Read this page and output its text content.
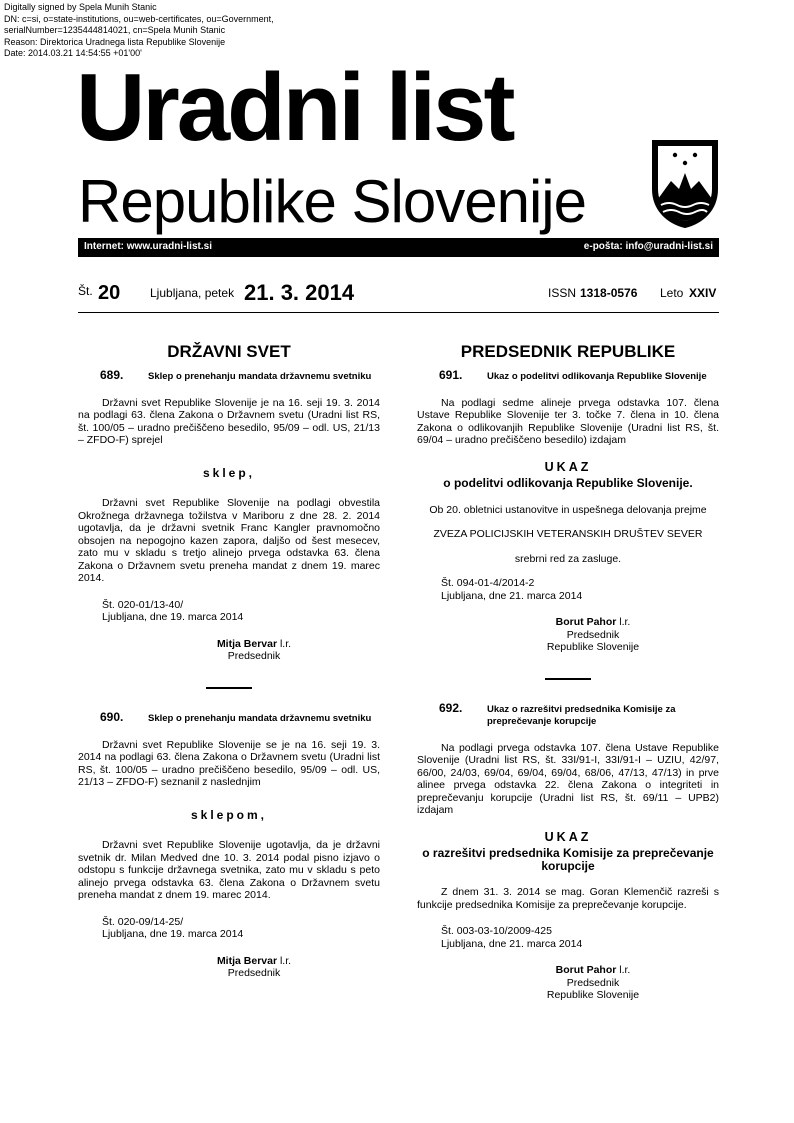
Digitally signed by Spela Munih Stanic
DN: c=si, o=state-institutions, ou=web-certificates, ou=Government,
serialNumber=1235444814021, cn=Spela Munih Stanic
Reason: Direktorica Uradnega lista Republike Slovenije
Date: 2014.03.21 14:54:55 +01'00'
Uradni list
Republike Slovenije
Internet: www.uradni-list.si	e-pošta: info@uradni-list.si
Št. 20 Ljubljana, petek 21. 3. 2014	ISSN 1318-0576 Leto XXIV
DRŽAVNI SVET
689.	Sklep o prenehanju mandata državnemu svetniku

Državni svet Republike Slovenije je na 16. seji 19. 3. 2014 na podlagi 63. člena Zakona o Državnem svetu (Uradni list RS, št. 100/05 – uradno prečiščeno besedilo, 95/09 – odl. US, 21/13 – ZFDO-F) sprejel

sklep,

Državni svet Republike Slovenije na podlagi obvestila Okrožnega državnega tožilstva v Mariboru z dne 28. 2. 2014 ugotavlja, da je državni svetnik Franc Kangler pravnomočno obsojen na nepogojno kazen zapora, daljšo od šest mesecev, zato mu v skladu s tretjo alinejo prvega odstavka 63. člena Zakona o Državnem svetu preneha mandat z dnem 19. marec 2014.

Št. 020-01/13-40/
Ljubljana, dne 19. marca 2014
Mitja Bervar l.r.
Predsednik
690.	Sklep o prenehanju mandata državnemu svetniku

Državni svet Republike Slovenije se je na 16. seji 19. 3. 2014 na podlagi 63. člena Zakona o Državnem svetu (Uradni list RS, št. 100/05 – uradno prečiščeno besedilo, 95/09 – odl. US, 21/13 – ZFDO-F) seznanil z naslednjim

sklepom,

Državni svet Republike Slovenije ugotavlja, da je državni svetnik dr. Milan Medved dne 10. 3. 2014 podal pisno izjavo o odstopu s funkcije državnega svetnika, zato mu v skladu s peto alinejo prvega odstavka 63. člena Zakona o Državnem svetu preneha mandat z dnem 19. marec 2014.

Št. 020-09/14-25/
Ljubljana, dne 19. marca 2014
Mitja Bervar l.r.
Predsednik
PREDSEDNIK REPUBLIKE
691.	Ukaz o podelitvi odlikovanja Republike Slovenije

Na podlagi sedme alineje prvega odstavka 107. člena Ustave Republike Slovenije ter 3. točke 7. člena in 10. člena Zakona o odlikovanjih Republike Slovenije (Uradni list RS, št. 69/04 – uradno prečiščeno besedilo) izdajam

UKAZ
o podelitvi odlikovanja Republike Slovenije.
Ob 20. obletnici ustanovitve in uspešnega delovanja prejme
ZVEZA POLICIJSKIH VETERANSKIH DRUŠTEV SEVER
srebrni red za zasluge.
Št. 094-01-4/2014-2
Ljubljana, dne 21. marca 2014
Borut Pahor l.r.
Predsednik
Republike Slovenije
692.	Ukaz o razrešitvi predsednika Komisije za preprečevanje korupcije

Na podlagi prvega odstavka 107. člena Ustave Republike Slovenije (Uradni list RS, št. 33I/91-I, 33I/91-I – UZIU, 42/97, 66/00, 24/03, 69/04, 69/04, 69/04, 68/06, 47/13, 47/13) in prve alinee prvega odstavka 22. člena Zakona o integriteti in preprečevanju korupcije (Uradni list RS, št. 69/11 – UPB2) izdajam

UKAZ
o razrešitvi predsednika Komisije za preprečevanje korupcije

Z dnem 31. 3. 2014 se mag. Goran Klemenčič razreši s funkcije predsednika Komisije za preprečevanje korupcije.

Št. 003-03-10/2009-425
Ljubljana, dne 21. marca 2014
Borut Pahor l.r.
Predsednik
Republike Slovenije
